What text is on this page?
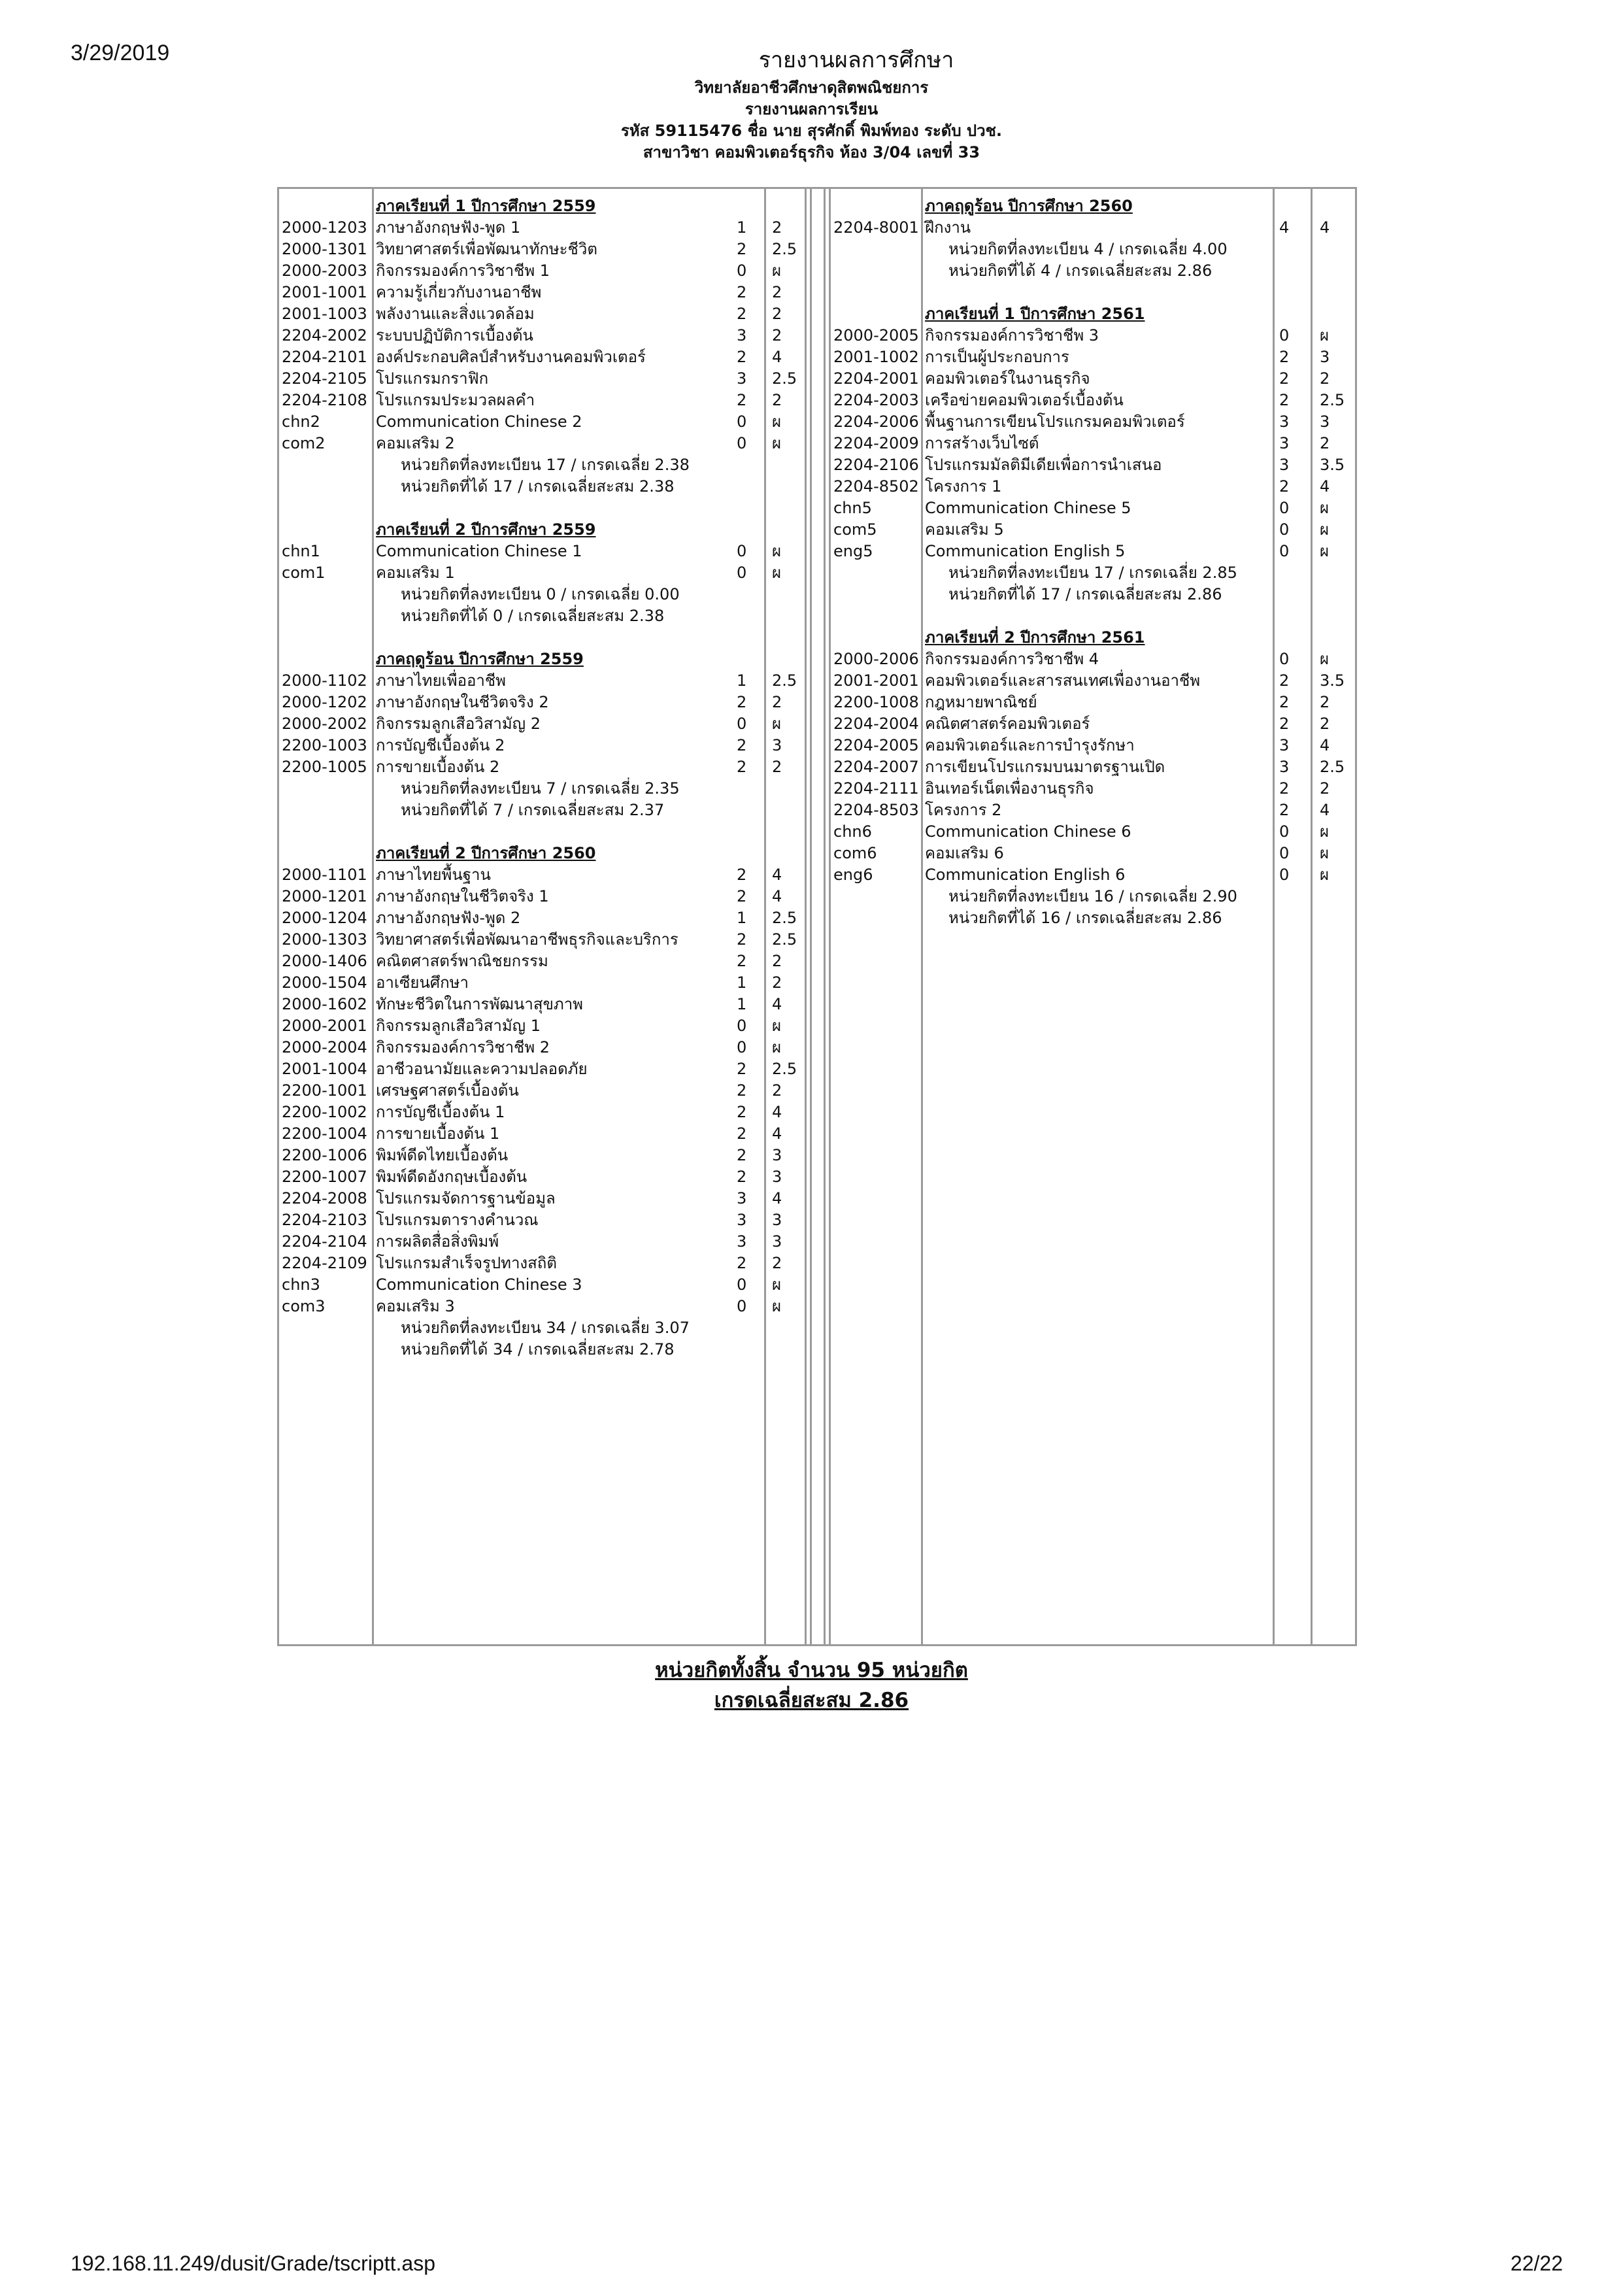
3/29/2019	รายงานผลการศึกษา
วิทยาลัยอาชีวศึกษาดุสิตพณิชยการ
รายงานผลการเรียน
รหัส 59115476 ชื่อ นาย สุรศักดิ์ พิมพ์ทอง ระดับ ปวช.
สาขาวิชา คอมพิวเตอร์ธุรกิจ ห้อง 3/04 เลขที่ 33
ภาคเรียนที่ 1 ปีการศึกษา 2559
2000-1203 ภาษาอังกฤษฟัง-พูด 1	1 2
2000-1301 วิทยาศาสตร์เพื่อพัฒนาทักษะชีวิต	2 2.5
2000-2003 กิจกรรมองค์การวิชาชีพ 1	0 ผ
2001-1001 ความรู้เกี่ยวกับงานอาชีพ	2 2
2001-1003 พลังงานและสิ่งแวดล้อม	2 2
2204-2002 ระบบปฏิบัติการเบื้องต้น	3 2
2204-2101 องค์ประกอบศิลป์สำหรับงานคอมพิวเตอร์	2 4
2204-2105 โปรแกรมกราฟิก	3 2.5
2204-2108 โปรแกรมประมวลผลคำ	2 2
chn2	Communication Chinese 2	0 ผ
com2	คอมเสริม 2	0 ผ
หน่วยกิตที่ลงทะเบียน 17 / เกรดเฉลี่ย 2.38
หน่วยกิตที่ได้ 17 / เกรดเฉลี่ยสะสม 2.38
ภาคเรียนที่ 2 ปีการศึกษา 2559
chn1	Communication Chinese 1	0 ผ
com1	คอมเสริม 1	0 ผ
หน่วยกิตที่ลงทะเบียน 0 / เกรดเฉลี่ย 0.00
หน่วยกิตที่ได้ 0 / เกรดเฉลี่ยสะสม 2.38
ภาคฤดูร้อน ปีการศึกษา 2559
2000-1102 ภาษาไทยเพื่ออาชีพ	1 2.5
2000-1202 ภาษาอังกฤษในชีวิตจริง 2	2 2
2000-2002 กิจกรรมลูกเสือวิสามัญ 2	0 ผ
2200-1003 การบัญชีเบื้องต้น 2	2 3
2200-1005 การขายเบื้องต้น 2	2 2
หน่วยกิตที่ลงทะเบียน 7 / เกรดเฉลี่ย 2.35
หน่วยกิตที่ได้ 7 / เกรดเฉลี่ยสะสม 2.37
ภาคเรียนที่ 2 ปีการศึกษา 2560
2000-1101 ภาษาไทยพื้นฐาน	2 4
2000-1201 ภาษาอังกฤษในชีวิตจริง 1	2 4
2000-1204 ภาษาอังกฤษฟัง-พูด 2	1 2.5
2000-1303 วิทยาศาสตร์เพื่อพัฒนาอาชีพธุรกิจและบริการ	2 2.5
2000-1406 คณิตศาสตร์พาณิชยกรรม	2 2
2000-1504 อาเซียนศึกษา	1 2
2000-1602 ทักษะชีวิตในการพัฒนาสุขภาพ	1 4
2000-2001 กิจกรรมลูกเสือวิสามัญ 1	0 ผ
2000-2004 กิจกรรมองค์การวิชาชีพ 2	0 ผ
2001-1004 อาชีวอนามัยและความปลอดภัย	2 2.5
2200-1001 เศรษฐศาสตร์เบื้องต้น	2 2
2200-1002 การบัญชีเบื้องต้น 1	2 4
2200-1004 การขายเบื้องต้น 1	2 4
2200-1006 พิมพ์ดีดไทยเบื้องต้น	2 3
2200-1007 พิมพ์ดีดอังกฤษเบื้องต้น	2 3
2204-2008 โปรแกรมจัดการฐานข้อมูล	3 4
2204-2103 โปรแกรมตารางคำนวณ	3 3
2204-2104 การผลิตสื่อสิ่งพิมพ์	3 3
2204-2109 โปรแกรมสำเร็จรูปทางสถิติ	2 2
chn3	Communication Chinese 3	0 ผ
com3	คอมเสริม 3	0 ผ
หน่วยกิตที่ลงทะเบียน 34 / เกรดเฉลี่ย 3.07
หน่วยกิตที่ได้ 34 / เกรดเฉลี่ยสะสม 2.78
ภาคฤดูร้อน ปีการศึกษา 2560
2204-8001 ฝึกงาน	4 4
หน่วยกิตที่ลงทะเบียน 4 / เกรดเฉลี่ย 4.00
หน่วยกิตที่ได้ 4 / เกรดเฉลี่ยสะสม 2.86
ภาคเรียนที่ 1 ปีการศึกษา 2561
2000-2005 กิจกรรมองค์การวิชาชีพ 3	0 ผ
2001-1002 การเป็นผู้ประกอบการ	2 3
2204-2001 คอมพิวเตอร์ในงานธุรกิจ	2 2
2204-2003 เครือข่ายคอมพิวเตอร์เบื้องต้น	2 2.5
2204-2006 พื้นฐานการเขียนโปรแกรมคอมพิวเตอร์	3 3
2204-2009 การสร้างเว็บไซต์	3 2
2204-2106 โปรแกรมมัลติมีเดียเพื่อการนำเสนอ	3 3.5
2204-8502 โครงการ 1	2 4
chn5	Communication Chinese 5	0 ผ
com5	คอมเสริม 5	0 ผ
eng5	Communication English 5	0 ผ
หน่วยกิตที่ลงทะเบียน 17 / เกรดเฉลี่ย 2.85
หน่วยกิตที่ได้ 17 / เกรดเฉลี่ยสะสม 2.86
ภาคเรียนที่ 2 ปีการศึกษา 2561
2000-2006 กิจกรรมองค์การวิชาชีพ 4	0 ผ
2001-2001 คอมพิวเตอร์และสารสนเทศเพื่องานอาชีพ	2 3.5
2200-1008 กฎหมายพาณิชย์	2 2
2204-2004 คณิตศาสตร์คอมพิวเตอร์	2 2
2204-2005 คอมพิวเตอร์และการบำรุงรักษา	3 4
2204-2007 การเขียนโปรแกรมบนมาตรฐานเปิด	3 2.5
2204-2111 อินเทอร์เน็ตเพื่องานธุรกิจ	2 2
2204-8503 โครงการ 2	2 4
chn6	Communication Chinese 6	0 ผ
com6	คอมเสริม 6	0 ผ
eng6	Communication English 6	0 ผ
หน่วยกิตที่ลงทะเบียน 16 / เกรดเฉลี่ย 2.90
หน่วยกิตที่ได้ 16 / เกรดเฉลี่ยสะสม 2.86
หน่วยกิตทั้งสิ้น จำนวน 95 หน่วยกิต
เกรดเฉลี่ยสะสม 2.86
192.168.11.249/dusit/Grade/tscriptt.asp	22/22
